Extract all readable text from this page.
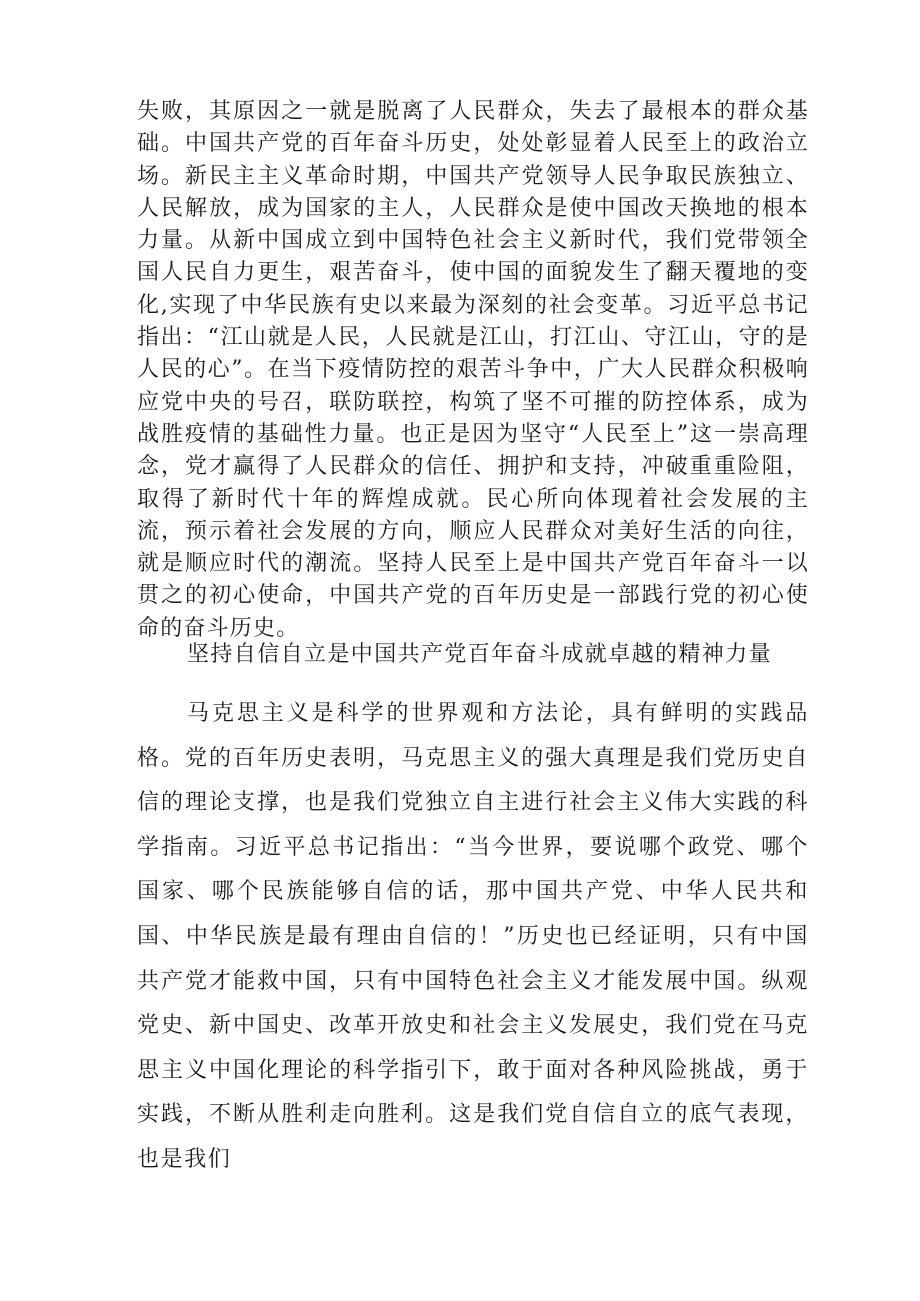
失败，其原因之一就是脱离了人民群众，失去了最根本的群众基础。中国共产党的百年奋斗历史，处处彰显着人民至上的政治立场。新民主主义革命时期，中国共产党领导人民争取民族独立、人民解放，成为国家的主人，人民群众是使中国改天换地的根本力量。从新中国成立到中国特色社会主义新时代，我们党带领全国人民自力更生，艰苦奋斗，使中国的面貌发生了翻天覆地的变化,实现了中华民族有史以来最为深刻的社会变革。习近平总书记指出：“江山就是人民，人民就是江山，打江山、守江山，守的是人民的心”。在当下疫情防控的艰苦斗争中，广大人民群众积极响应党中央的号召，联防联控，构筑了坚不可摧的防控体系，成为战胜疫情的基础性力量。也正是因为坚守“人民至上”这一崇高理念，党才赢得了人民群众的信任、拥护和支持，冲破重重险阻，取得了新时代十年的辉煌成就。民心所向体现着社会发展的主流，预示着社会发展的方向，顺应人民群众对美好生活的向往，就是顺应时代的潮流。坚持人民至上是中国共产党百年奋斗一以贯之的初心使命，中国共产党的百年历史是一部践行党的初心使命的奋斗历史。

坚持自信自立是中国共产党百年奋斗成就卓越的精神力量

马克思主义是科学的世界观和方法论，具有鲜明的实践品格。党的百年历史表明，马克思主义的强大真理是我们党历史自信的理论支撑，也是我们党独立自主进行社会主义伟大实践的科学指南。习近平总书记指出：“当今世界，要说哪个政党、哪个国家、哪个民族能够自信的话，那中国共产党、中华人民共和国、中华民族是最有理由自信的！”历史也已经证明，只有中国共产党才能救中国，只有中国特色社会主义才能发展中国。纵观党史、新中国史、改革开放史和社会主义发展史，我们党在马克思主义中国化理论的科学指引下，敢于面对各种风险挑战，勇于实践，不断从胜利走向胜利。这是我们党自信自立的底气表现，也是我们
